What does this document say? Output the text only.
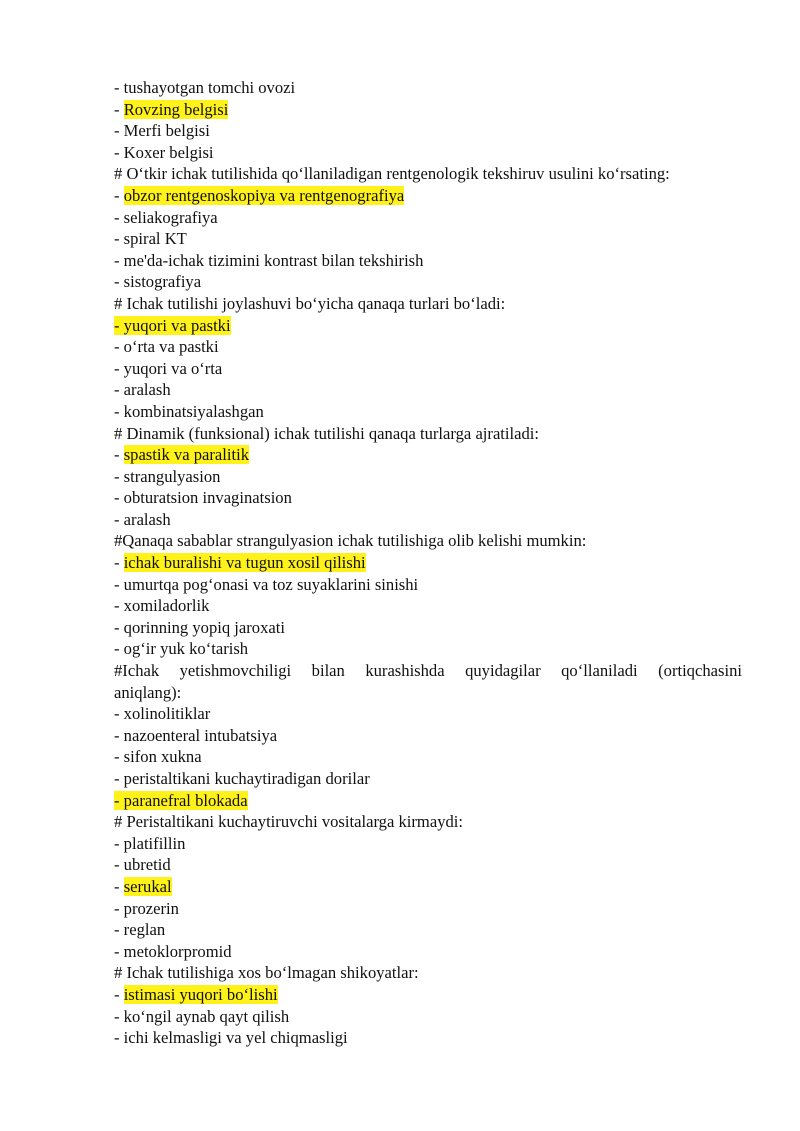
- tushayotgan tomchi ovozi
- Rovzing belgisi
- Merfi belgisi
- Koxer belgisi
# O‘tkir ichak tutilishida qo‘llaniladigan rentgenologik tekshiruv usulini ko‘rsating:
- obzor rentgenoskopiya va rentgenografiya
- seliakografiya
- spiral KT
- me'da-ichak tizimini kontrast bilan tekshirish
- sistografiya
# Ichak tutilishi joylashuvi bo‘yicha qanaqa turlari bo‘ladi:
- yuqori va pastki
- o‘rta va pastki
- yuqori va o‘rta
- aralash
- kombinatsiyalashgan
# Dinamik (funksional) ichak tutilishi qanaqa turlarga ajratiladi:
- spastik va paralitik
- strangulyasion
- obturatsion invaginatsion
- aralash
#Qanaqa sabablar strangulyasion ichak tutilishiga olib kelishi mumkin:
- ichak buralishi va tugun xosil qilishi
- umurtqa pog‘onasi va toz suyaklarini sinishi
- xomiladorlik
- qorinning yopiq jaroxati
- og‘ir yuk ko‘tarish
#Ichak yetishmovchiligi bilan kurashishda quyidagilar qo‘llaniladi (ortiqchasini
aniqlang):
- xolinolitiklar
- nazoenteral intubatsiya
- sifon xukna
- peristaltikani kuchaytiradigan dorilar
- paranefral blokada
# Peristaltikani kuchaytiruvchi vositalarga kirmaydi:
- platifillin
- ubretid
- serukal
- prozerin
- reglan
- metoklorpromid
# Ichak tutilishiga xos bo‘lmagan shikoyatlar:
- istimasi yuqori bo‘lishi
- ko‘ngil aynab qayt qilish
- ichi kelmasligi va yel chiqmasligi
